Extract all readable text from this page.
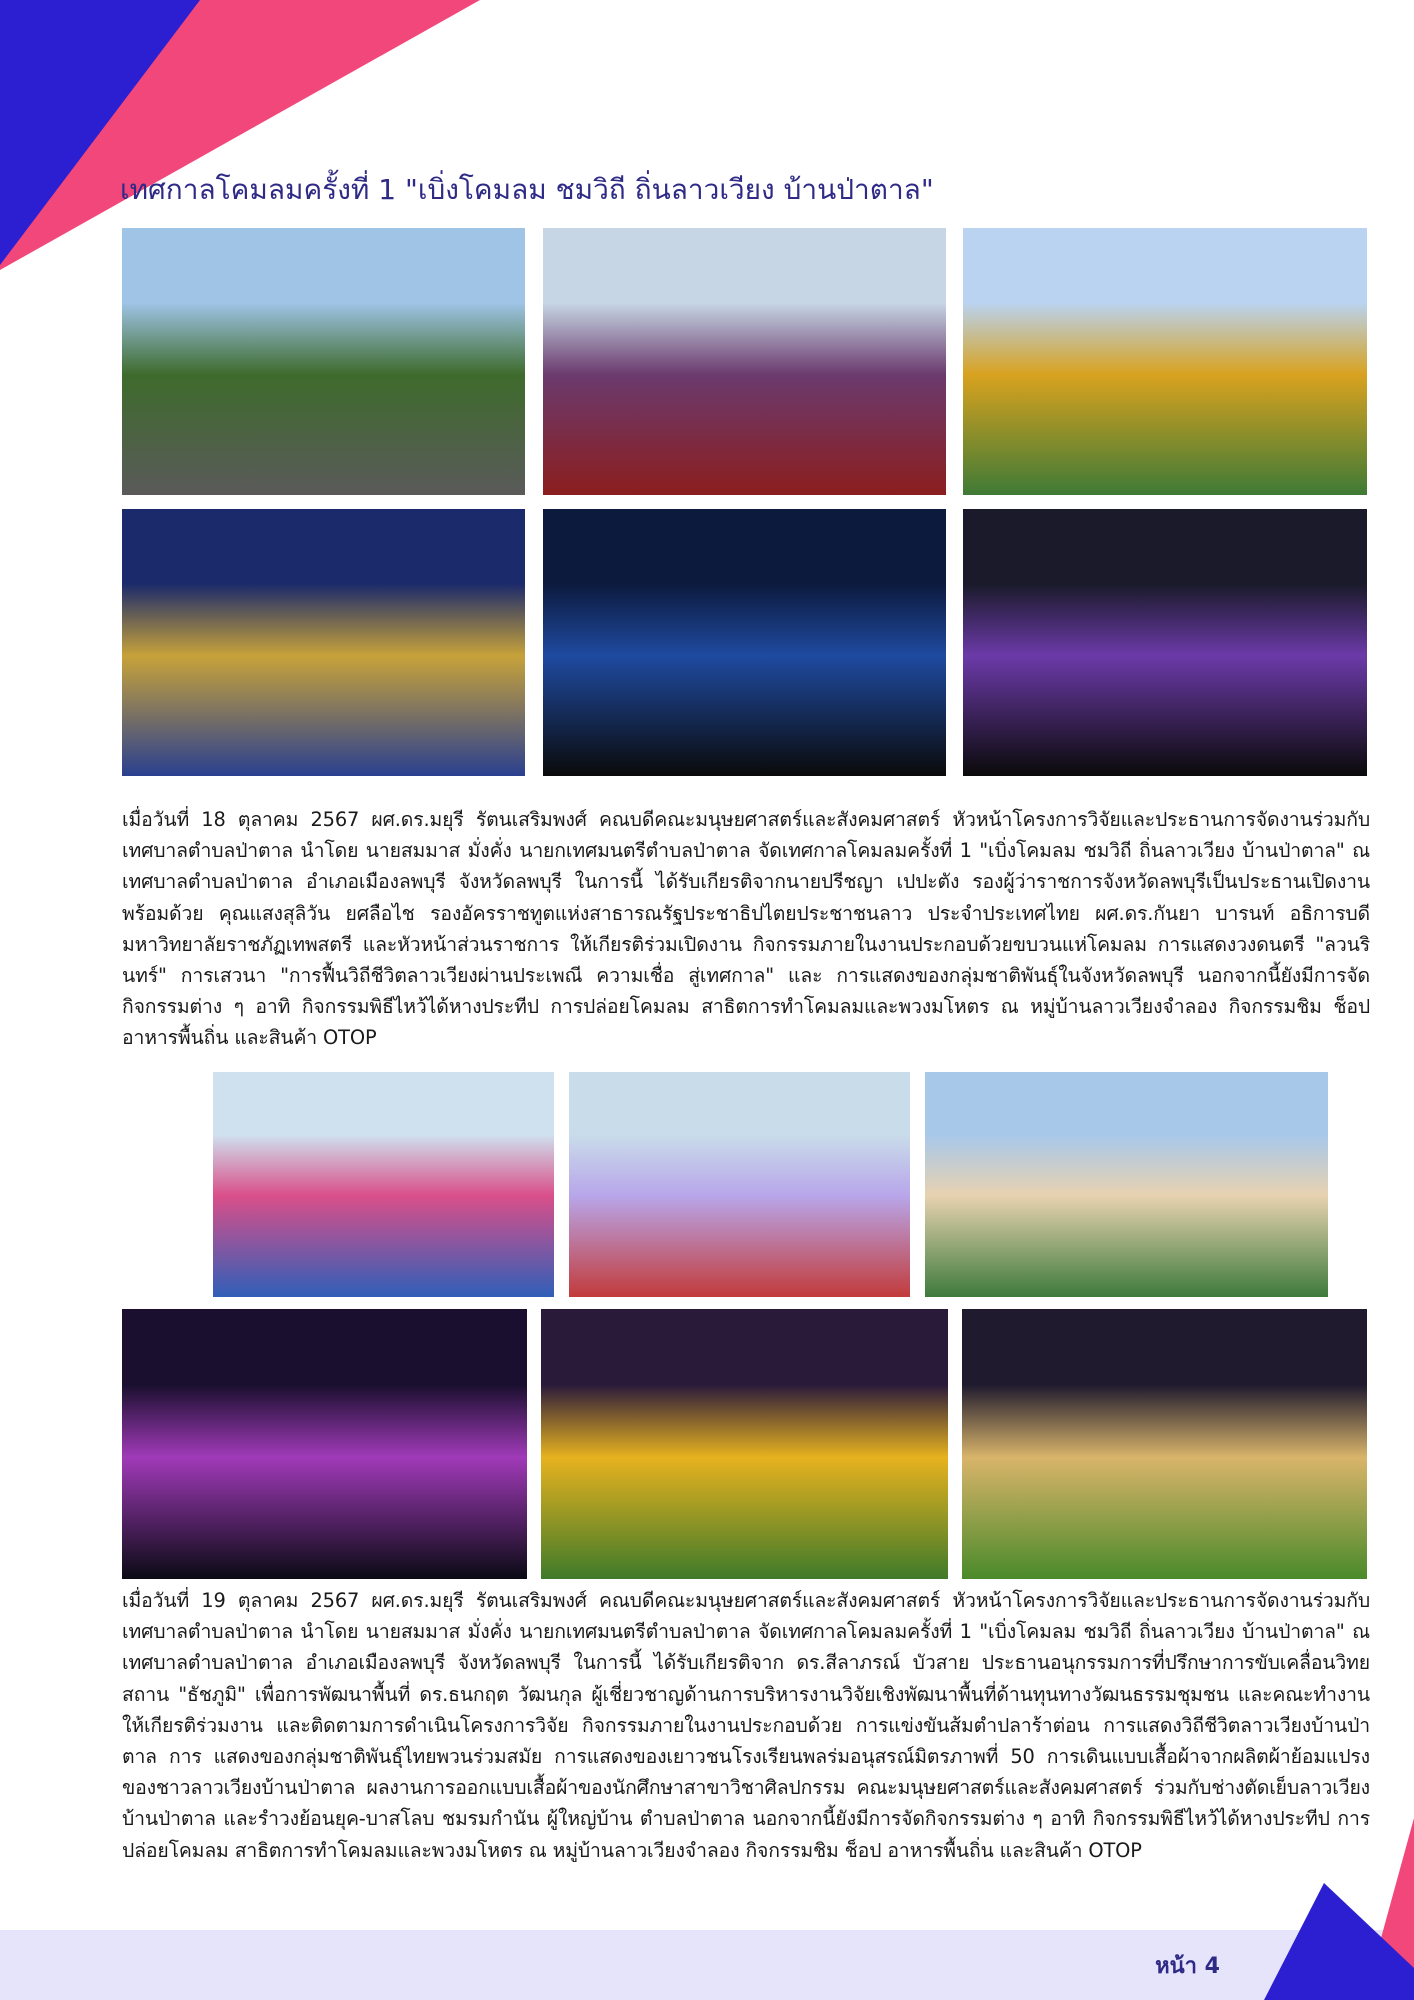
เทศกาลโคมลมครั้งที่ 1 "เบิ่งโคมลม ชมวิถี ถิ่นลาวเวียง บ้านป่าตาล"

เมื่อวันที่ 18 ตุลาคม 2567 ผศ.ดร.มยุรี รัตนเสริมพงศ์ คณบดีคณะมนุษยศาสตร์และสังคมศาสตร์ หัวหน้าโครงการวิจัยและประธานการจัดงานร่วมกับเทศบาลตำบลป่าตาล นำโดย นายสมมาส มั่งคั่ง นายกเทศมนตรีตำบลป่าตาล จัดเทศกาลโคมลมครั้งที่ 1 "เบิ่งโคมลม ชมวิถี ถิ่นลาวเวียง บ้านป่าตาล" ณ เทศบาลตำบลป่าตาล อำเภอเมืองลพบุรี จังหวัดลพบุรี ในการนี้ ได้รับเกียรติจากนายปรีชญา เปปะตัง รองผู้ว่าราชการจังหวัดลพบุรีเป็นประธานเปิดงาน พร้อมด้วย คุณแสงสุลิวัน ยศลือไช รองอัครราชทูตแห่งสาธารณรัฐประชาธิปไตยประชาชนลาว ประจำประเทศไทย ผศ.ดร.กันยา บารนท์ อธิการบดีมหาวิทยาลัยราชภัฏเทพสตรี และหัวหน้าส่วนราชการ ให้เกียรติร่วมเปิดงาน กิจกรรมภายในงานประกอบด้วยขบวนแห่โคมลม การแสดงวงดนตรี "ลวนรินทร์" การเสวนา "การฟื้นวิถีชีวิตลาวเวียงผ่านประเพณี ความเชื่อ สู่เทศกาล" และ การแสดงของกลุ่มชาติพันธุ์ในจังหวัดลพบุรี นอกจากนี้ยังมีการจัดกิจกรรมต่าง ๆ อาทิ กิจกรรมพิธีไหว้ได้หางประทีป การปล่อยโคมลม สาธิตการทำโคมลมและพวงมโหตร ณ หมู่บ้านลาวเวียงจำลอง กิจกรรมชิม ช็อป อาหารพื้นถิ่น และสินค้า OTOP

เมื่อวันที่ 19 ตุลาคม 2567 ผศ.ดร.มยุรี รัตนเสริมพงศ์ คณบดีคณะมนุษยศาสตร์และสังคมศาสตร์ หัวหน้าโครงการวิจัยและประธานการจัดงานร่วมกับเทศบาลตำบลป่าตาล นำโดย นายสมมาส มั่งคั่ง นายกเทศมนตรีตำบลป่าตาล จัดเทศกาลโคมลมครั้งที่ 1 "เบิ่งโคมลม ชมวิถี ถิ่นลาวเวียง บ้านป่าตาล" ณ เทศบาลตำบลป่าตาล อำเภอเมืองลพบุรี จังหวัดลพบุรี ในการนี้ ได้รับเกียรติจาก ดร.สีลาภรณ์ บัวสาย ประธานอนุกรรมการที่ปรึกษาการขับเคลื่อนวิทยสถาน "ธัชภูมิ" เพื่อการพัฒนาพื้นที่ ดร.ธนกฤต วัฒนกุล ผู้เชี่ยวชาญด้านการบริหารงานวิจัยเชิงพัฒนาพื้นที่ด้านทุนทางวัฒนธรรมชุมชน และคณะทำงาน ให้เกียรติร่วมงาน และติดตามการดำเนินโครงการวิจัย กิจกรรมภายในงานประกอบด้วย การแข่งขันส้มตำปลาร้าต่อน การแสดงวิถีชีวิตลาวเวียงบ้านป่าตาล การ แสดงของกลุ่มชาติพันธุ์ไทยพวนร่วมสมัย การแสดงของเยาวชนโรงเรียนพลร่มอนุสรณ์มิตรภาพที่ 50 การเดินแบบเสื้อผ้าจากผลิตผ้าย้อมแปรงของชาวลาวเวียงบ้านป่าตาล ผลงานการออกแบบเสื้อผ้าของนักศึกษาสาขาวิชาศิลปกรรม คณะมนุษยศาสตร์และสังคมศาสตร์ ร่วมกับช่างตัดเย็บลาวเวียงบ้านป่าตาล และรำวงย้อนยุค-บาสโลบ ชมรมกำนัน ผู้ใหญ่บ้าน ตำบลป่าตาล นอกจากนี้ยังมีการจัดกิจกรรมต่าง ๆ อาทิ กิจกรรมพิธีไหว้ได้หางประทีป การปล่อยโคมลม สาธิตการทำโคมลมและพวงมโหตร ณ หมู่บ้านลาวเวียงจำลอง กิจกรรมชิม ช็อป อาหารพื้นถิ่น และสินค้า OTOP

หน้า 4
